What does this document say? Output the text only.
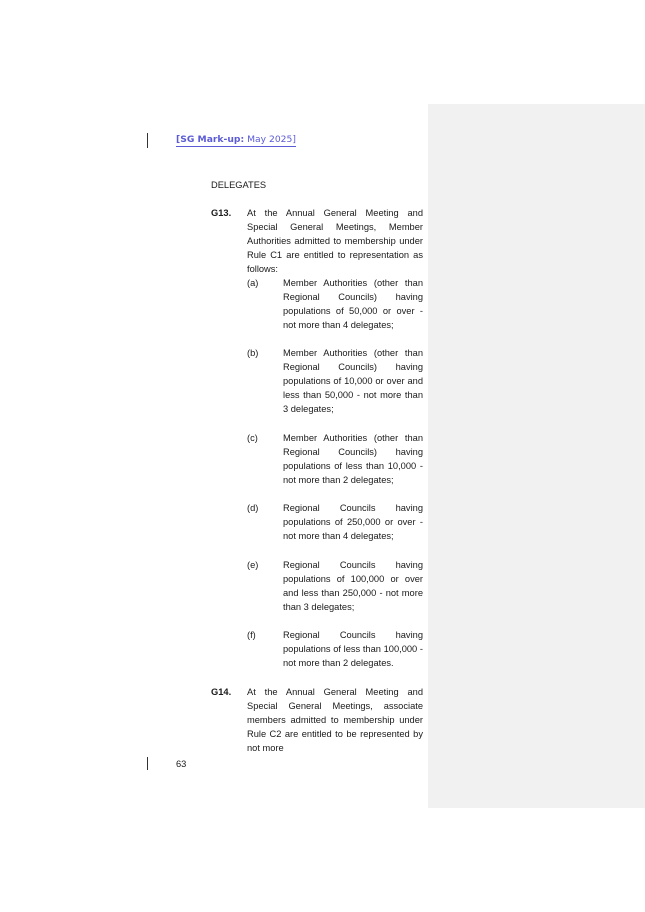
[SG Mark-up: May 2025]
DELEGATES
G13. At the Annual General Meeting and Special General Meetings, Member Authorities admitted to membership under Rule C1 are entitled to representation as follows:
(a)	Member Authorities (other than Regional Councils) having populations of 50,000 or over - not more than 4 delegates;
(b)	Member Authorities (other than Regional Councils) having populations of 10,000 or over and less than 50,000 - not more than 3 delegates;
(c)	Member Authorities (other than Regional Councils) having populations of less than 10,000 - not more than 2 delegates;
(d)	Regional Councils having populations of 250,000 or over - not more than 4 delegates;
(e)	Regional Councils having populations of 100,000 or over and less than 250,000 - not more than 3 delegates;
(f)	Regional Councils having populations of less than 100,000 - not more than 2 delegates.
G14. At the Annual General Meeting and Special General Meetings, associate members admitted to membership under Rule C2 are entitled to be represented by not more
63
